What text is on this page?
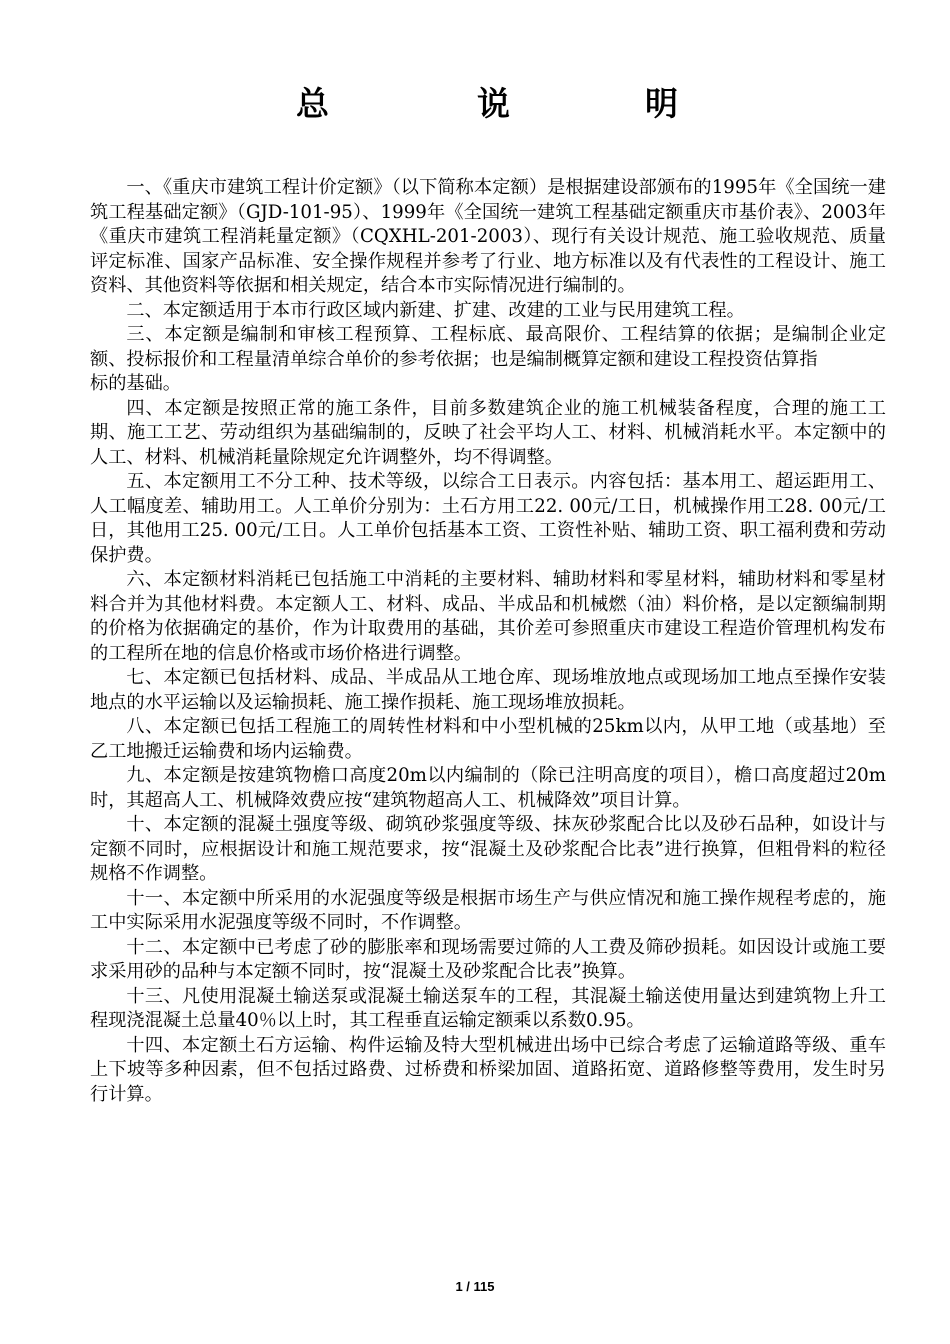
总	说	明

一、《重庆市建筑工程计价定额》（以下简称本定额）是根据建设部颁布的1995年《全国统一建筑工程基础定额》（GJD-101-95）、1999年《全国统一建筑工程基础定额重庆市基价表》、2003年《重庆市建筑工程消耗量定额》（CQXHL-201-2003）、现行有关设计规范、施工验收规范、质量评定标准、国家产品标准、安全操作规程并参考了行业、地方标准以及有代表性的工程设计、施工资料、其他资料等依据和相关规定，结合本市实际情况进行编制的。

二、本定额适用于本市行政区域内新建、扩建、改建的工业与民用建筑工程。

三、本定额是编制和审核工程预算、工程标底、最高限价、工程结算的依据；是编制企业定额、投标报价和工程量清单综合单价的参考依据；也是编制概算定额和建设工程投资估算指

标的基础。

四、本定额是按照正常的施工条件，目前多数建筑企业的施工机械装备程度，合理的施工工期、施工工艺、劳动组织为基础编制的，反映了社会平均人工、材料、机械消耗水平。本定额中的人工、材料、机械消耗量除规定允许调整外，均不得调整。

五、本定额用工不分工种、技术等级，以综合工日表示。内容包括：基本用工、超运距用工、人工幅度差、辅助用工。人工单价分别为：土石方用工22. 00元/工日，机械操作用工28. 00元/工日，其他用工25. 00元/工日。人工单价包括基本工资、工资性补贴、辅助工资、职工福利费和劳动保护费。

六、本定额材料消耗已包括施工中消耗的主要材料、辅助材料和零星材料，辅助材料和零星材料合并为其他材料费。本定额人工、材料、成品、半成品和机械燃（油）料价格，是以定额编制期的价格为依据确定的基价，作为计取费用的基础，其价差可参照重庆市建设工程造价管理机构发布的工程所在地的信息价格或市场价格进行调整。

七、本定额已包括材料、成品、半成品从工地仓库、现场堆放地点或现场加工地点至操作安装地点的水平运输以及运输损耗、施工操作损耗、施工现场堆放损耗。

八、本定额已包括工程施工的周转性材料和中小型机械的25km以内，从甲工地（或基地）至乙工地搬迁运输费和场内运输费。

九、本定额是按建筑物檐口高度20m以内编制的（除已注明高度的项目），檐口高度超过20m时，其超高人工、机械降效费应按“建筑物超高人工、机械降效”项目计算。

十、本定额的混凝土强度等级、砌筑砂浆强度等级、抹灰砂浆配合比以及砂石品种，如设计与定额不同时，应根据设计和施工规范要求，按“混凝土及砂浆配合比表”进行换算，但粗骨料的粒径规格不作调整。

十一、本定额中所采用的水泥强度等级是根据市场生产与供应情况和施工操作规程考虑的，施工中实际采用水泥强度等级不同时，不作调整。

十二、本定额中已考虑了砂的膨胀率和现场需要过筛的人工费及筛砂损耗。如因设计或施工要求采用砂的品种与本定额不同时，按“混凝土及砂浆配合比表”换算。

十三、凡使用混凝土输送泵或混凝土输送泵车的工程，其混凝土输送使用量达到建筑物上升工程现浇混凝土总量40％以上时，其工程垂直运输定额乘以系数0.95。

十四、本定额土石方运输、构件运输及特大型机械进出场中已综合考虑了运输道路等级、重车上下坡等多种因素，但不包括过路费、过桥费和桥梁加固、道路拓宽、道路修整等费用，发生时另行计算。

1 / 115
